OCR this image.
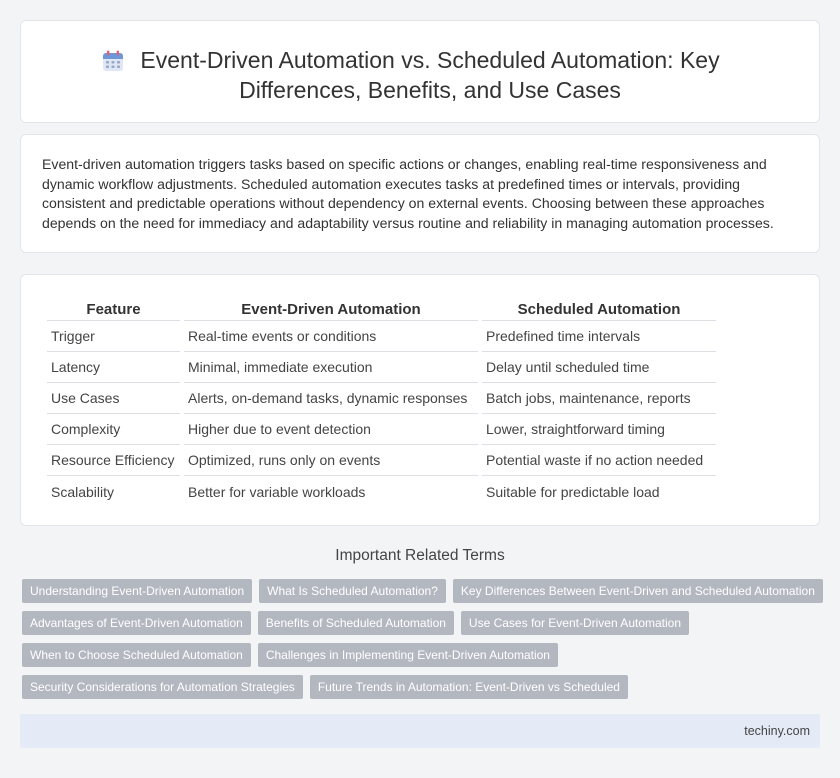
Event-Driven Automation vs. Scheduled Automation: Key Differences, Benefits, and Use Cases

Event-driven automation triggers tasks based on specific actions or changes, enabling real-time responsiveness and dynamic workflow adjustments. Scheduled automation executes tasks at predefined times or intervals, providing consistent and predictable operations without dependency on external events. Choosing between these approaches depends on the need for immediacy and adaptability versus routine and reliability in managing automation processes.

Feature	Event-Driven Automation	Scheduled Automation
Trigger	Real-time events or conditions	Predefined time intervals
Latency	Minimal, immediate execution	Delay until scheduled time
Use Cases	Alerts, on-demand tasks, dynamic responses	Batch jobs, maintenance, reports
Complexity	Higher due to event detection	Lower, straightforward timing
Resource Efficiency	Optimized, runs only on events	Potential waste if no action needed
Scalability	Better for variable workloads	Suitable for predictable load
Important Related Terms
Understanding Event-Driven Automation	What Is Scheduled Automation?	Key Differences Between Event-Driven and Scheduled Automation
Advantages of Event-Driven Automation	Benefits of Scheduled Automation	Use Cases for Event-Driven Automation
When to Choose Scheduled Automation	Challenges in Implementing Event-Driven Automation
Security Considerations for Automation Strategies	Future Trends in Automation: Event-Driven vs Scheduled
techiny.com
